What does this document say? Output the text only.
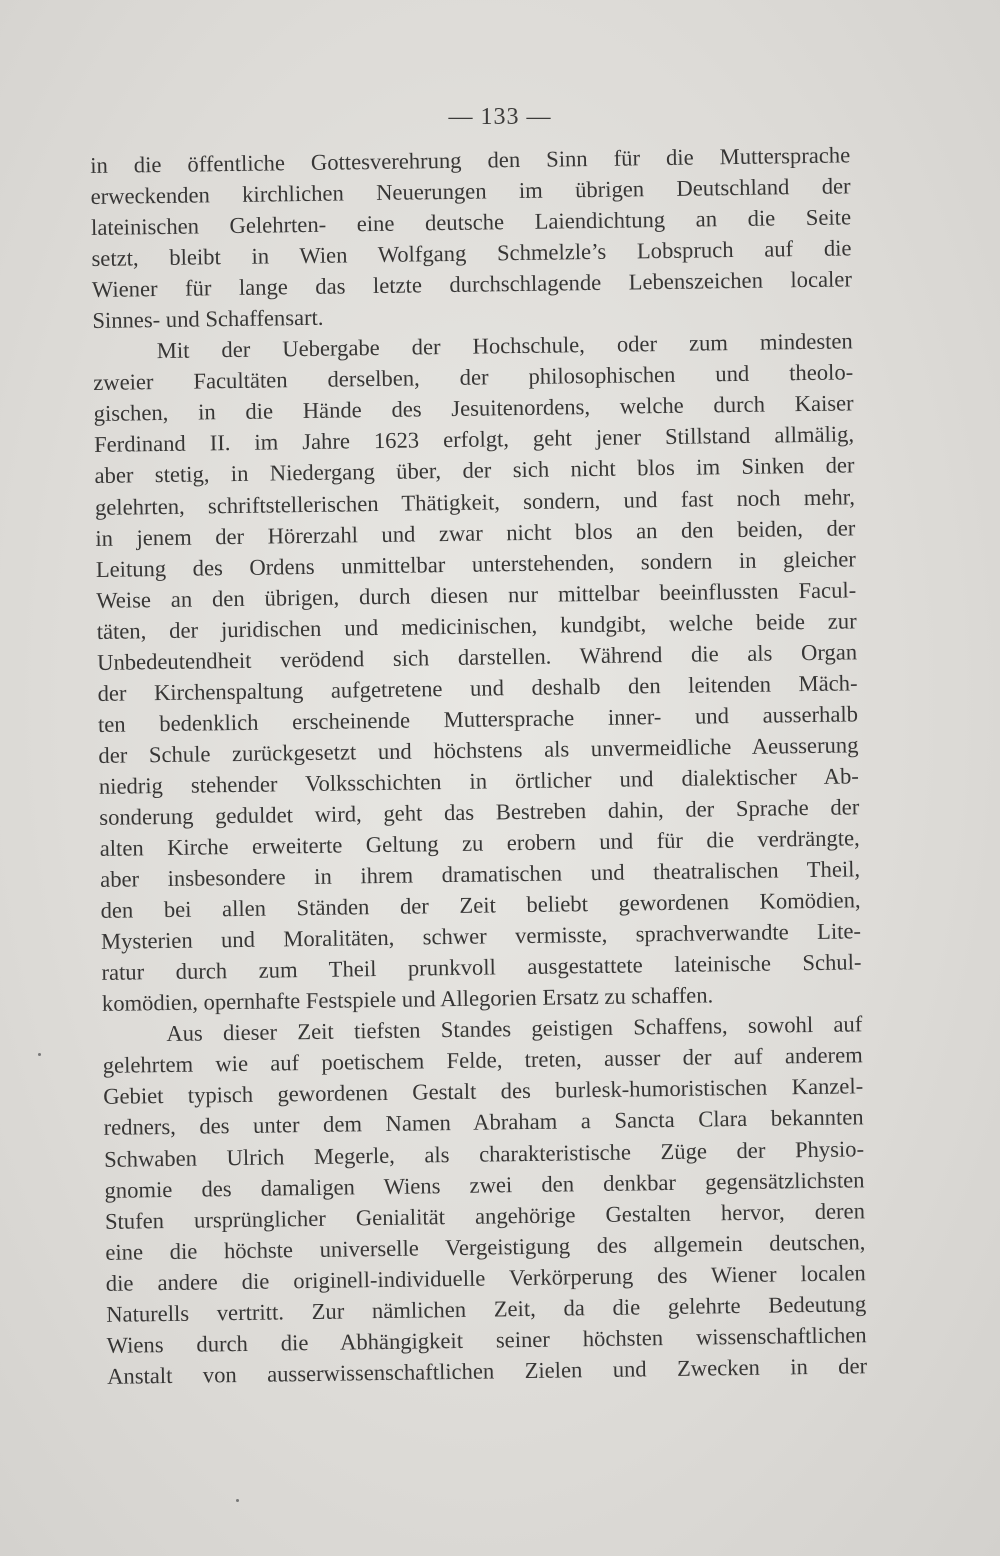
— 133 —
in die öffentliche Gottesverehrung den Sinn für die Muttersprache
erweckenden kirchlichen Neuerungen im übrigen Deutschland der
lateinischen Gelehrten- eine deutsche Laiendichtung an die Seite
setzt, bleibt in Wien Wolfgang Schmelzle’s Lobspruch auf die
Wiener für lange das letzte durchschlagende Lebenszeichen localer
Sinnes- und Schaffensart.
Mit der Uebergabe der Hochschule, oder zum mindesten
zweier Facultäten derselben, der philosophischen und theolo-
gischen, in die Hände des Jesuitenordens, welche durch Kaiser
Ferdinand II. im Jahre 1623 erfolgt, geht jener Stillstand allmälig,
aber stetig, in Niedergang über, der sich nicht blos im Sinken der
gelehrten, schriftstellerischen Thätigkeit, sondern, und fast noch mehr,
in jenem der Hörerzahl und zwar nicht blos an den beiden, der
Leitung des Ordens unmittelbar unterstehenden, sondern in gleicher
Weise an den übrigen, durch diesen nur mittelbar beeinflussten Facul-
täten, der juridischen und medicinischen, kundgibt, welche beide zur
Unbedeutendheit verödend sich darstellen. Während die als Organ
der Kirchenspaltung aufgetretene und deshalb den leitenden Mäch-
ten bedenklich erscheinende Muttersprache inner- und ausserhalb
der Schule zurückgesetzt und höchstens als unvermeidliche Aeusserung
niedrig stehender Volksschichten in örtlicher und dialektischer Ab-
sonderung geduldet wird, geht das Bestreben dahin, der Sprache der
alten Kirche erweiterte Geltung zu erobern und für die verdrängte,
aber insbesondere in ihrem dramatischen und theatralischen Theil,
den bei allen Ständen der Zeit beliebt gewordenen Komödien,
Mysterien und Moralitäten, schwer vermisste, sprachverwandte Lite-
ratur durch zum Theil prunkvoll ausgestattete lateinische Schul-
komödien, opernhafte Festspiele und Allegorien Ersatz zu schaffen.
Aus dieser Zeit tiefsten Standes geistigen Schaffens, sowohl auf
gelehrtem wie auf poetischem Felde, treten, ausser der auf anderem
Gebiet typisch gewordenen Gestalt des burlesk-humoristischen Kanzel-
redners, des unter dem Namen Abraham a Sancta Clara bekannten
Schwaben Ulrich Megerle, als charakteristische Züge der Physio-
gnomie des damaligen Wiens zwei den denkbar gegensätzlichsten
Stufen ursprünglicher Genialität angehörige Gestalten hervor, deren
eine die höchste universelle Vergeistigung des allgemein deutschen,
die andere die originell-individuelle Verkörperung des Wiener localen
Naturells vertritt. Zur nämlichen Zeit, da die gelehrte Bedeutung
Wiens durch die Abhängigkeit seiner höchsten wissenschaftlichen
Anstalt von ausserwissenschaftlichen Zielen und Zwecken in der
